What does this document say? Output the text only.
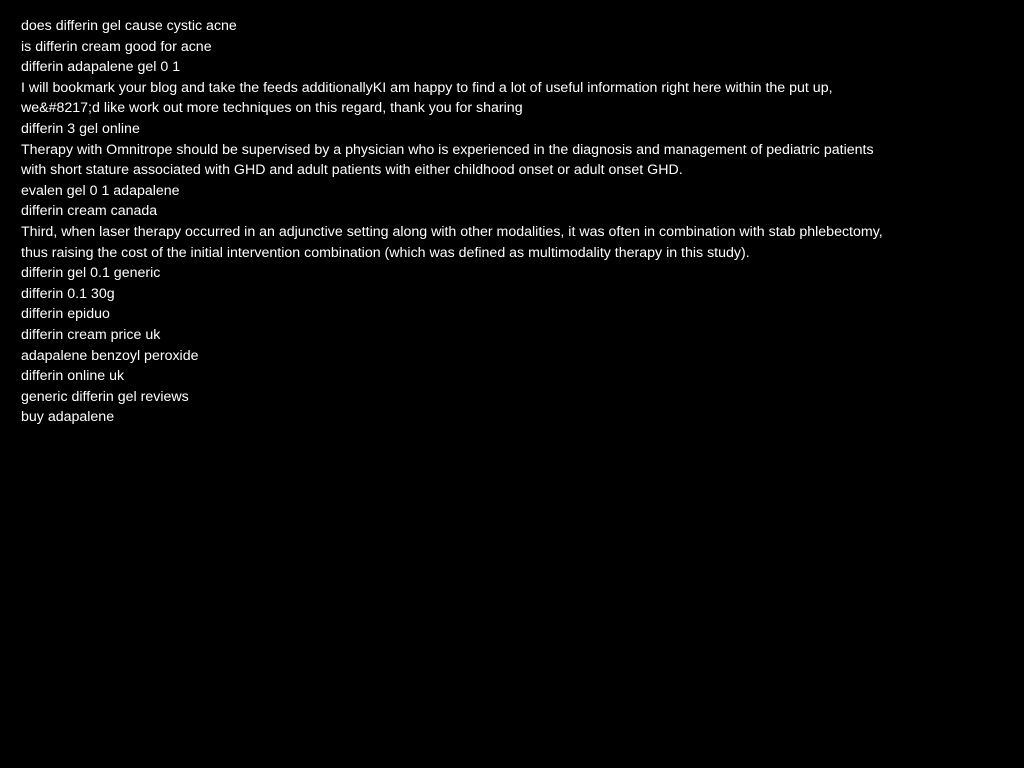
does differin gel cause cystic acne
is differin cream good for acne
differin adapalene gel 0 1
I will bookmark your blog and take the feeds additionallyKI am happy to find a lot of useful information right here within the put up,
we&#8217;d like work out more techniques on this regard, thank you for sharing
differin 3 gel online
Therapy with Omnitrope should be supervised by a physician who is experienced in the diagnosis and management of pediatric patients
with short stature associated with GHD and adult patients with either childhood onset or adult onset GHD.
evalen gel 0 1 adapalene
differin cream canada
Third, when laser therapy occurred in an adjunctive setting along with other modalities, it was often in combination with stab phlebectomy,
thus raising the cost of the initial intervention combination (which was defined as multimodality therapy in this study).
differin gel 0.1 generic
differin 0.1 30g
differin epiduo
differin cream price uk
adapalene benzoyl peroxide
differin online uk
generic differin gel reviews
buy adapalene
